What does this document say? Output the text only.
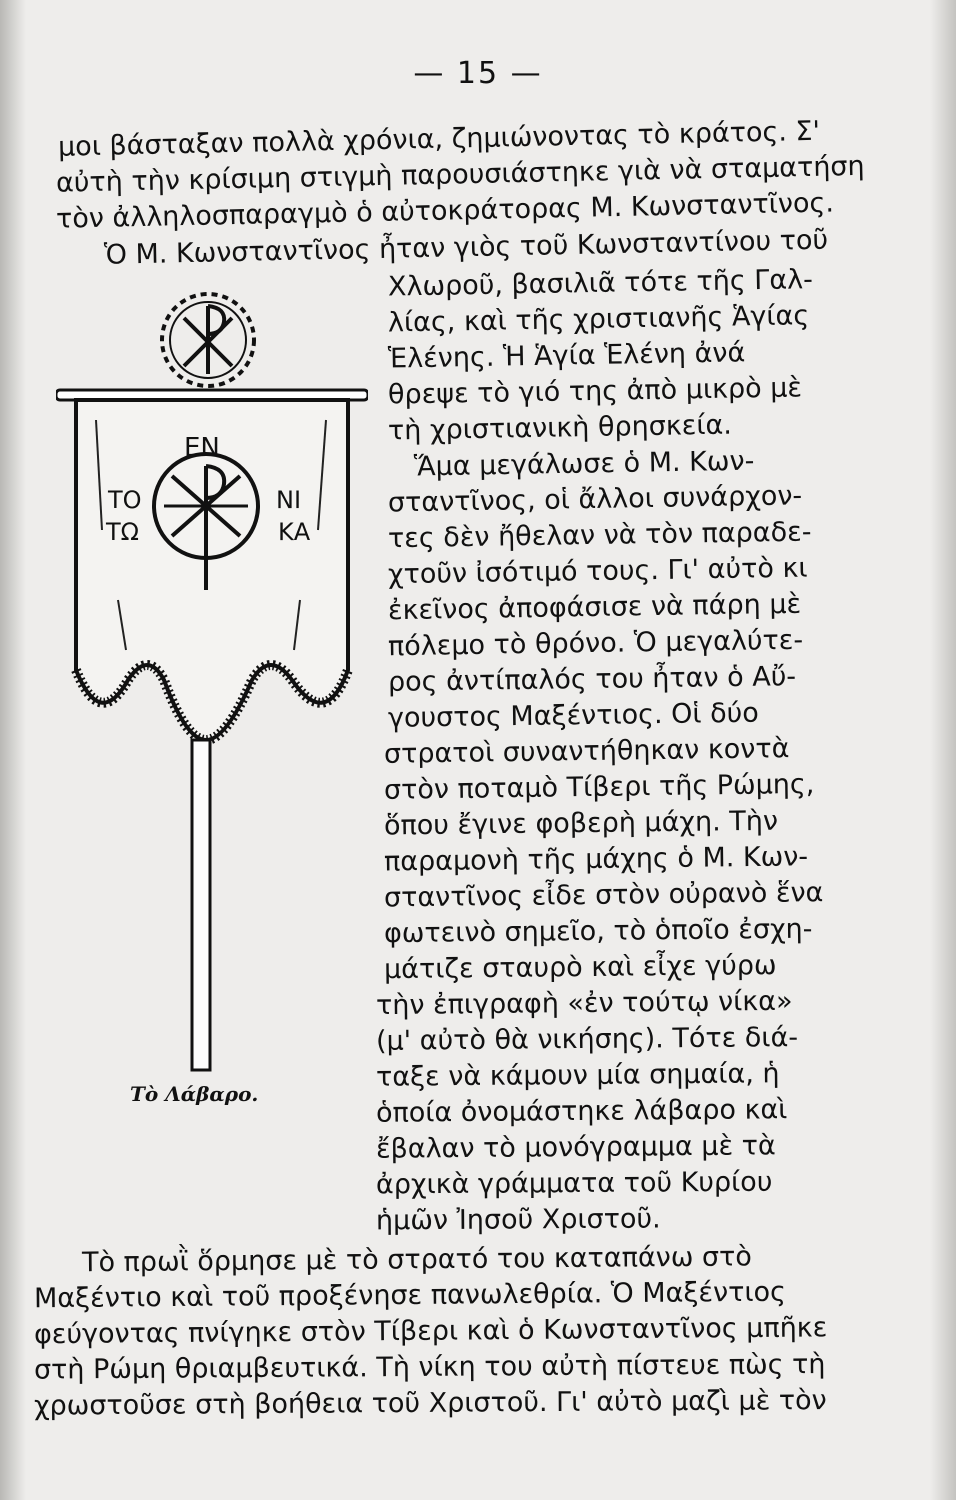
— 15 —
μοι βάσταξαν πολλὰ χρόνια, ζημιώνοντας τὸ κράτος. Σ'
αὐτὴ τὴν κρίσιμη στιγμὴ παρουσιάστηκε γιὰ νὰ σταματήση
τὸν ἀλληλοσπαραγμὸ ὁ αὐτοκράτορας Μ. Κωνσταντῖνος.
Ὁ Μ. Κωνσταντῖνος ἦταν γιὸς τοῦ Κωνσταντίνου τοῦ
Χλωροῦ, βασιλιᾶ τότε τῆς Γαλ-
λίας, καὶ τῆς χριστιανῆς Ἁγίας
Ἑλένης. Ἡ Ἁγία Ἑλένη ἀνά
θρεψε τὸ γιό της ἀπὸ μικρὸ μὲ
τὴ χριστιανικὴ θρησκεία.
Ἅμα μεγάλωσε ὁ Μ. Κων-
σταντῖνος, οἱ ἄλλοι συνάρχον-
τες δὲν ἤθελαν νὰ τὸν παραδε-
χτοῦν ἰσότιμό τους. Γι' αὐτὸ κι
ἐκεῖνος ἀποφάσισε νὰ πάρη μὲ
πόλεμο τὸ θρόνο. Ὁ μεγαλύτε-
ρος ἀντίπαλός του ἦταν ὁ Αὔ-
γουστος Μαξέντιος. Οἱ δύο
στρατοὶ συναντήθηκαν κοντὰ
στὸν ποταμὸ Τίβερι τῆς Ρώμης,
ὅπου ἔγινε φοβερὴ μάχη. Τὴν
παραμονὴ τῆς μάχης ὁ Μ. Κων-
σταντῖνος εἶδε στὸν οὐρανὸ ἕνα
φωτεινὸ σημεῖο, τὸ ὁποῖο ἐσχη-
μάτιζε σταυρὸ καὶ εἶχε γύρω
τὴν ἐπιγραφὴ «ἐν τούτῳ νίκα»
(μ' αὐτὸ θὰ νικήσης). Τότε διά-
ταξε νὰ κάμουν μία σημαία, ἡ
ὁποία ὀνομάστηκε λάβαρο καὶ
ἔβαλαν τὸ μονόγραμμα μὲ τὰ
ἀρχικὰ γράμματα τοῦ Κυρίου
ἡμῶν Ἰησοῦ Χριστοῦ.
Τὸ πρωῒ ὅρμησε μὲ τὸ στρατό του καταπάνω στὸ
Μαξέντιο καὶ τοῦ προξένησε πανωλεθρία. Ὁ Μαξέντιος
φεύγοντας πνίγηκε στὸν Τίβερι καὶ ὁ Κωνσταντῖνος μπῆκε
στὴ Ρώμη θριαμβευτικά. Τὴ νίκη του αὐτὴ πίστευε πὼς τὴ
χρωστοῦσε στὴ βοήθεια τοῦ Χριστοῦ. Γι' αὐτὸ μαζὶ μὲ τὸν
ΕΝ
ΤΟ
ΤΩ
ΝΙ
ΚΑ
Τὸ Λάβαρο.
